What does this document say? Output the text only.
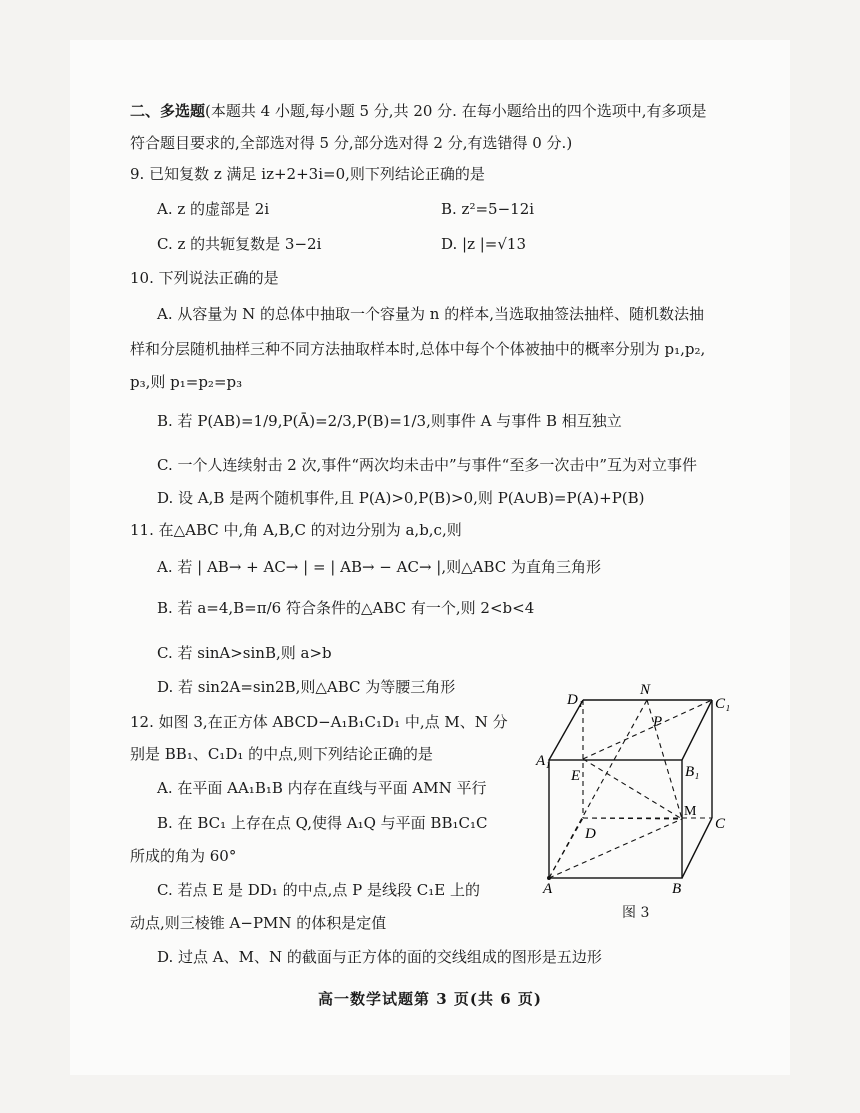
二、多选题(本题共 4 小题,每小题 5 分,共 20 分. 在每小题给出的四个选项中,有多项是
符合题目要求的,全部选对得 5 分,部分选对得 2 分,有选错得 0 分.)
9. 已知复数 z 满足 iz+2+3i=0,则下列结论正确的是
A. z 的虚部是 2i	B. z²=5−12i
C. z 的共轭复数是 3−2i	D. |z |=√13
10. 下列说法正确的是
A. 从容量为 N 的总体中抽取一个容量为 n 的样本,当选取抽签法抽样、随机数法抽
样和分层随机抽样三种不同方法抽取样本时,总体中每个个体被抽中的概率分别为 p₁,p₂,
p₃,则 p₁=p₂=p₃
B. 若 P(AB)=1/9,P(Ā)=2/3,P(B)=1/3,则事件 A 与事件 B 相互独立
C. 一个人连续射击 2 次,事件“两次均未击中”与事件“至多一次击中”互为对立事件
D. 设 A,B 是两个随机事件,且 P(A)>0,P(B)>0,则 P(A∪B)=P(A)+P(B)
11. 在△ABC 中,角 A,B,C 的对边分别为 a,b,c,则
A. 若 | AB→ + AC→ | = | AB→ − AC→ |,则△ABC 为直角三角形
B. 若 a=4,B=π/6 符合条件的△ABC 有一个,则 2<b<4
C. 若 sinA>sinB,则 a>b
D. 若 sin2A=sin2B,则△ABC 为等腰三角形
12. 如图 3,在正方体 ABCD−A₁B₁C₁D₁ 中,点 M、N 分
别是 BB₁、C₁D₁ 的中点,则下列结论正确的是
A. 在平面 AA₁B₁B 内存在直线与平面 AMN 平行
B. 在 BC₁ 上存在点 Q,使得 A₁Q 与平面 BB₁C₁C
所成的角为 60°
C. 若点 E 是 DD₁ 的中点,点 P 是线段 C₁E 上的
动点,则三棱锥 A−PMN 的体积是定值
D. 过点 A、M、N 的截面与正方体的面的交线组成的图形是五边形
D₁
N
C₁
P
A₁
E	B₁
M
D
C
A	B
图 3
高一数学试题第 3 页(共 6 页)
